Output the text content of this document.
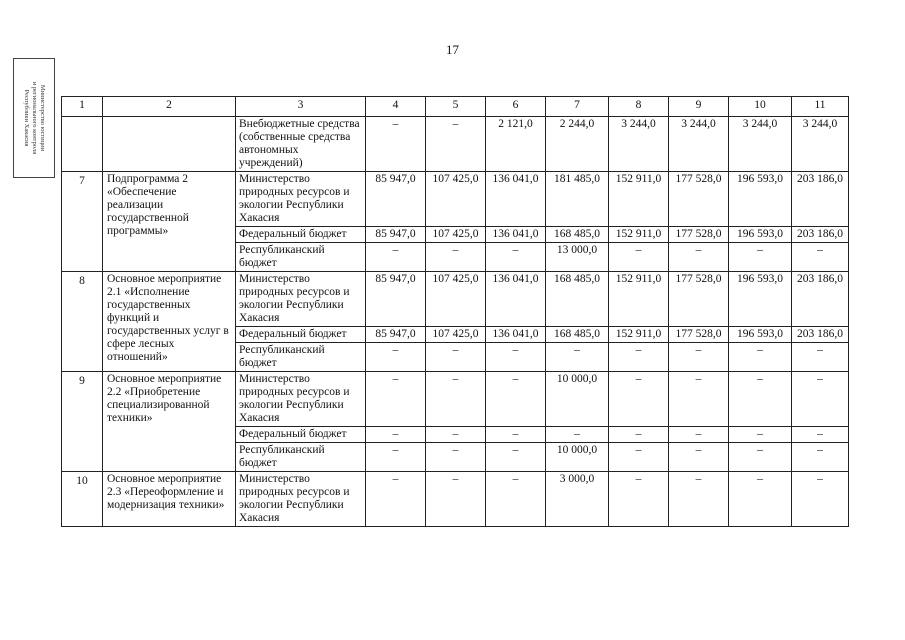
17
Министерство юстиции
и регионального контроля
Республики Хакасия	1	2	3	4	5	6	7	8	9	10	11
		Внебюджетные средства (собственные средства автономных учреждений)	–	–	2 121,0	2 244,0	3 244,0	3 244,0	3 244,0	3 244,0
7	Подпрограмма 2 «Обеспечение реализации государственной программы»	Министерство природных ресурсов и экологии Республики Хакасия	85 947,0	107 425,0	136 041,0	181 485,0	152 911,0	177 528,0	196 593,0	203 186,0
		Федеральный бюджет	85 947,0	107 425,0	136 041,0	168 485,0	152 911,0	177 528,0	196 593,0	203 186,0
		Республиканский бюджет	–	–	–	13 000,0	–	–	–	–
8	Основное мероприятие 2.1 «Исполнение государственных функций и государственных услуг в сфере лесных отношений»	Министерство природных ресурсов и экологии Республики Хакасия	85 947,0	107 425,0	136 041,0	168 485,0	152 911,0	177 528,0	196 593,0	203 186,0
		Федеральный бюджет	85 947,0	107 425,0	136 041,0	168 485,0	152 911,0	177 528,0	196 593,0	203 186,0
		Республиканский бюджет	–	–	–	–	–	–	–	–
9	Основное мероприятие 2.2 «Приобретение специализированной техники»	Министерство природных ресурсов и экологии Республики Хакасия	–	–	–	10 000,0	–	–	–	–
		Федеральный бюджет	–	–	–	–	–	–	–	–
		Республиканский бюджет	–	–	–	10 000,0	–	–	–	–
10	Основное мероприятие 2.3 «Переоформление и модернизация техники»	Министерство природных ресурсов и экологии Республики Хакасия	–	–	–	3 000,0	–	–	–	–
